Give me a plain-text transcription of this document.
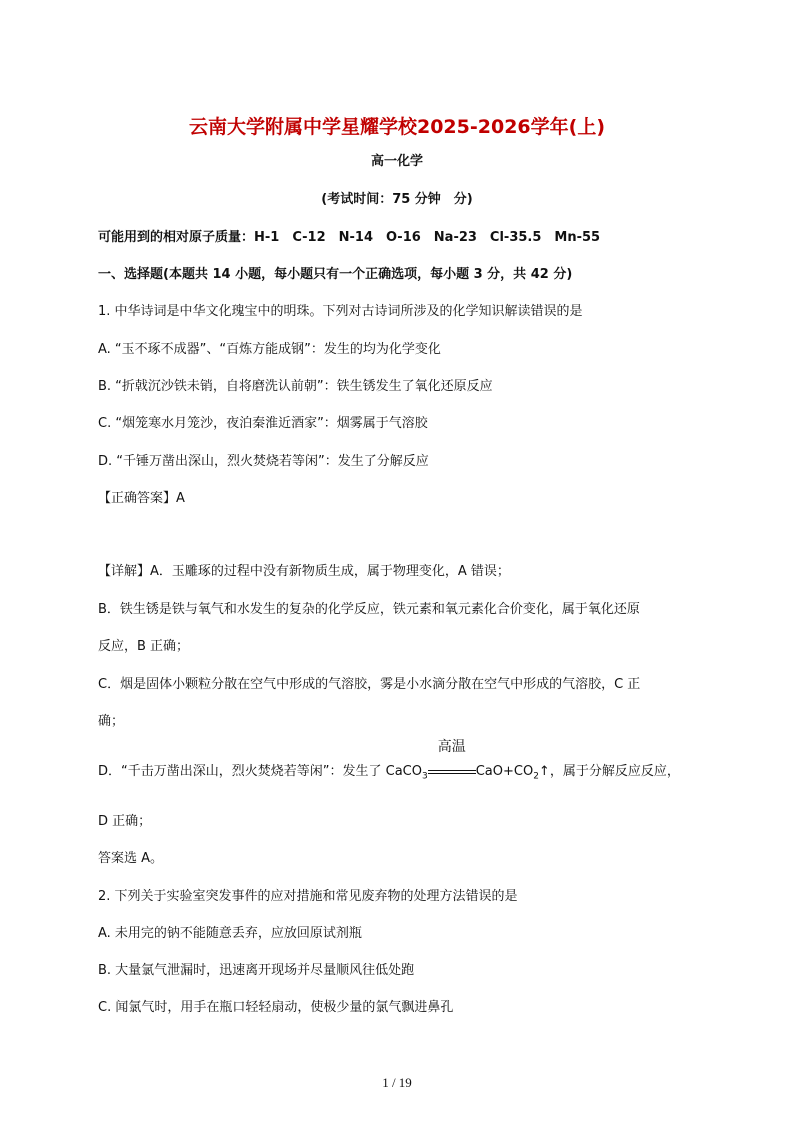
云南大学附属中学星耀学校2025-2026学年(上)
高一化学
(考试时间：75 分钟　分)
可能用到的相对原子质量：H-1　C-12　N-14　O-16　Na-23　Cl-35.5　Mn-55
一、选择题(本题共 14 小题，每小题只有一个正确选项，每小题 3 分，共 42 分)
1. 中华诗词是中华文化瑰宝中的明珠。下列对古诗词所涉及的化学知识解读错误的是
A. “玉不琢不成器”、“百炼方能成钢”：发生的均为化学变化
B. “折戟沉沙铁未销，自将磨洗认前朝”：铁生锈发生了氧化还原反应
C. “烟笼寒水月笼沙，夜泊秦淮近酒家”：烟雾属于气溶胶
D. “千锤万凿出深山，烈火焚烧若等闲”：发生了分解反应
【正确答案】A
【详解】A．玉雕琢的过程中没有新物质生成，属于物理变化，A 错误；
B．铁生锈是铁与氧气和水发生的复杂的化学反应，铁元素和氧元素化合价变化，属于氧化还原
反应，B 正确；
C．烟是固体小颗粒分散在空气中形成的气溶胶，雾是小水滴分散在空气中形成的气溶胶，C 正
确；
D．“千击万凿出深山，烈火焚烧若等闲”：发生了 CaCO$_3$
高温
$CaO+CO_2↑$，属于分解反应反应，
D 正确；
答案选 A。
2. 下列关于实验室突发事件的应对措施和常见废弃物的处理方法错误的是
A. 未用完的钠不能随意丢弃，应放回原试剂瓶
B. 大量氯气泄漏时，迅速离开现场并尽量顺风往低处跑
C. 闻氯气时，用手在瓶口轻轻扇动，使极少量的氯气飘进鼻孔
1 / 19
